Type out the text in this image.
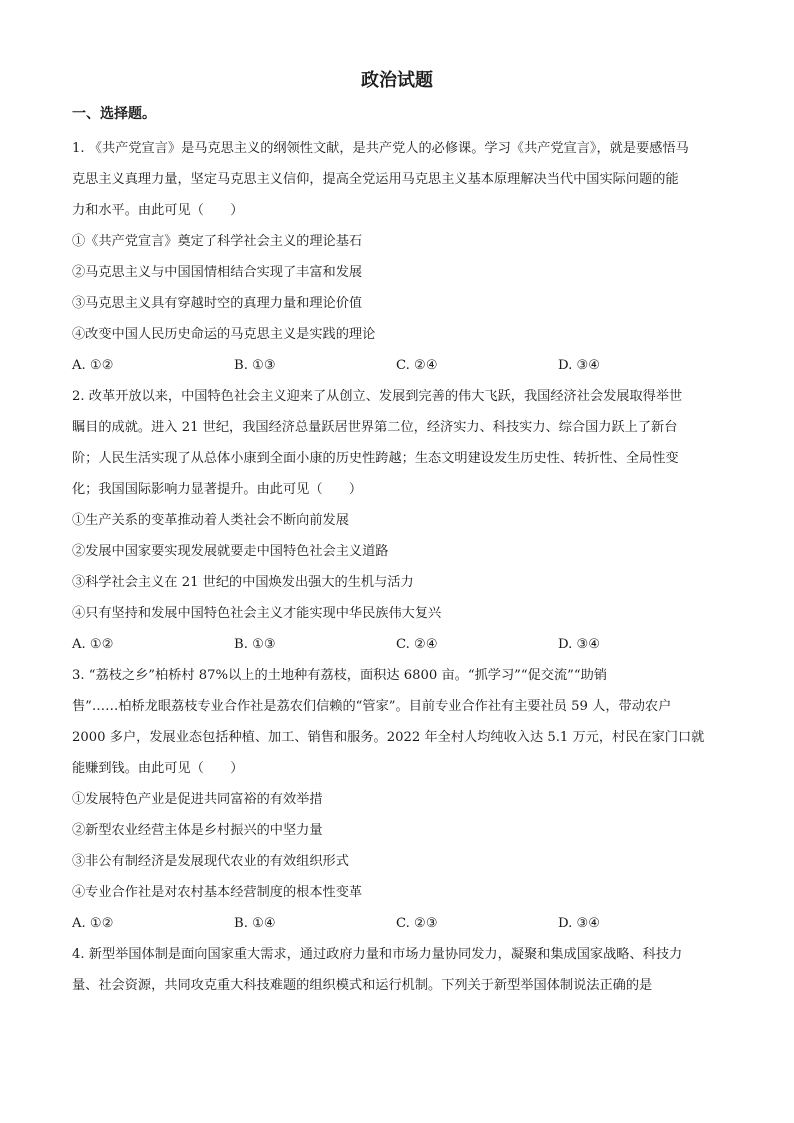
政治试题
一、选择题。

1. 《共产党宣言》是马克思主义的纲领性文献，是共产党人的必修课。学习《共产党宣言》，就是要感悟马
克思主义真理力量，坚定马克思主义信仰，提高全党运用马克思主义基本原理解决当代中国实际问题的能
力和水平。由此可见（　　）

①《共产党宣言》奠定了科学社会主义的理论基石

②马克思主义与中国国情相结合实现了丰富和发展

③马克思主义具有穿越时空的真理力量和理论价值

④改变中国人民历史命运的马克思主义是实践的理论

A. ①②	B. ①③	C. ②④	D. ③④

2. 改革开放以来，中国特色社会主义迎来了从创立、发展到完善的伟大飞跃，我国经济社会发展取得举世
瞩目的成就。进入 21 世纪，我国经济总量跃居世界第二位，经济实力、科技实力、综合国力跃上了新台
阶；人民生活实现了从总体小康到全面小康的历史性跨越；生态文明建设发生历史性、转折性、全局性变
化；我国国际影响力显著提升。由此可见（　　）

①生产关系的变革推动着人类社会不断向前发展

②发展中国家要实现发展就要走中国特色社会主义道路

③科学社会主义在 21 世纪的中国焕发出强大的生机与活力

④只有坚持和发展中国特色社会主义才能实现中华民族伟大复兴

A. ①②	B. ①③	C. ②④	D. ③④

3. “荔枝之乡”柏桥村 87%以上的土地种有荔枝，面积达 6800 亩。“抓学习”“促交流”“助销
售”……柏桥龙眼荔枝专业合作社是荔农们信赖的“管家”。目前专业合作社有主要社员 59 人，带动农户
2000 多户，发展业态包括种植、加工、销售和服务。2022 年全村人均纯收入达 5.1 万元，村民在家门口就
能赚到钱。由此可见（　　）

①发展特色产业是促进共同富裕的有效举措

②新型农业经营主体是乡村振兴的中坚力量

③非公有制经济是发展现代农业的有效组织形式

④专业合作社是对农村基本经营制度的根本性变革

A. ①②	B. ①④	C. ②③	D. ③④

4. 新型举国体制是面向国家重大需求，通过政府力量和市场力量协同发力，凝聚和集成国家战略、科技力
量、社会资源，共同攻克重大科技难题的组织模式和运行机制。下列关于新型举国体制说法正确的是
